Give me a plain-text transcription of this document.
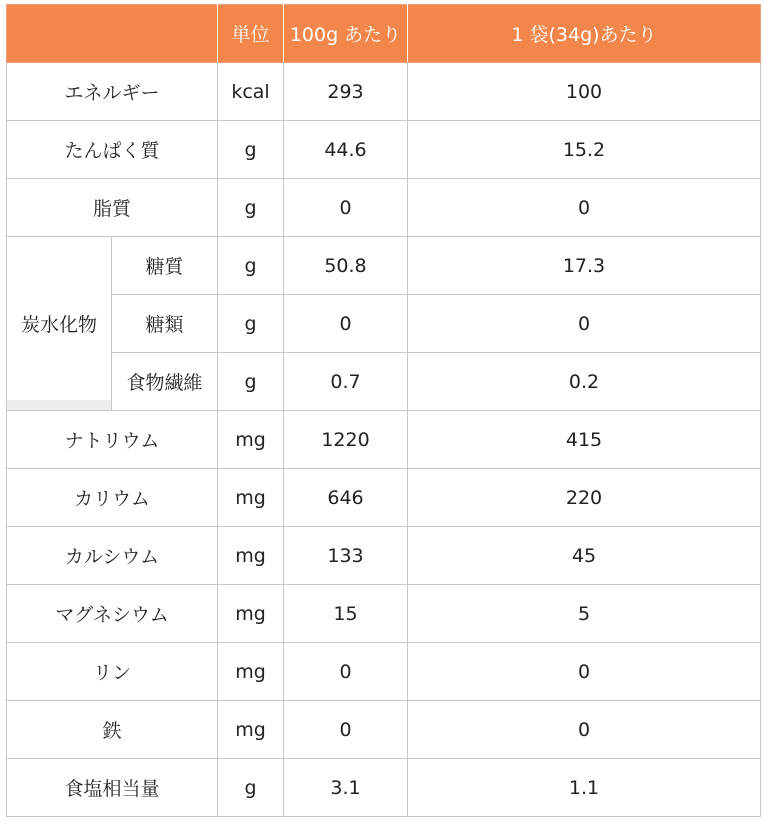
		単位	100g あたり	1 袋(34g)あたり
エネルギー		kcal	293	100
たんぱく質		g	44.6	15.2
脂質		g	0	0
炭水化物	糖質	g	50.8	17.3
	糖類	g	0	0
	食物繊維	g	0.7	0.2
ナトリウム		mg	1220	415
カリウム		mg	646	220
カルシウム		mg	133	45
マグネシウム		mg	15	5
リン		mg	0	0
鉄		mg	0	0
食塩相当量		g	3.1	1.1
